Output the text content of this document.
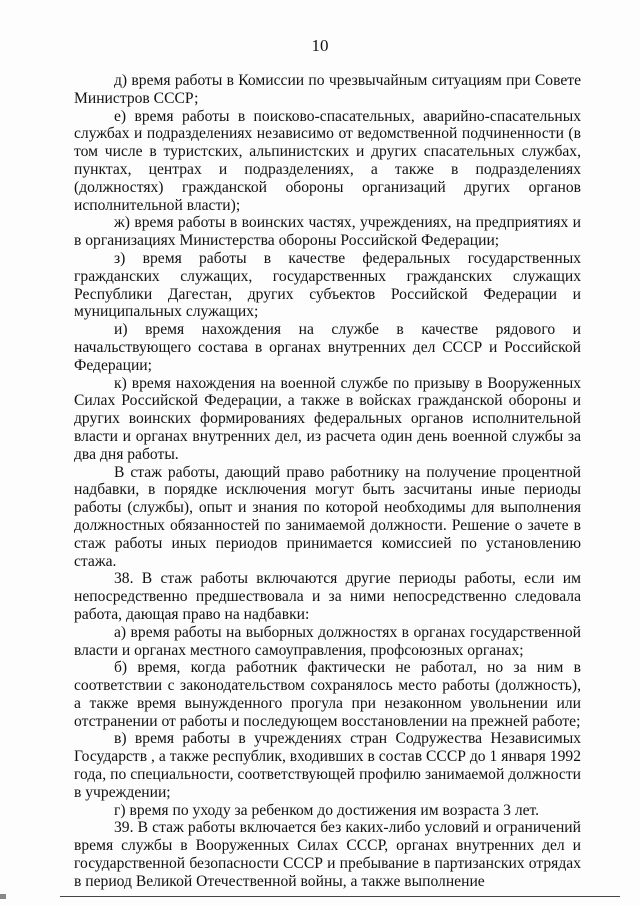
10

д) время работы в Комиссии по чрезвычайным ситуациям при Совете Министров СССР;

е) время работы в поисково-спасательных, аварийно-спасательных службах и подразделениях независимо от ведомственной подчиненности (в том числе в туристских, альпинистских и других спасательных службах, пунктах, центрах и подразделениях, а также в подразделениях (должностях) гражданской обороны организаций других органов исполнительной власти);

ж) время работы в воинских частях, учреждениях, на предприятиях и в организациях Министерства обороны Российской Федерации;

з) время работы в качестве федеральных государственных гражданских служащих, государственных гражданских служащих Республики Дагестан, других субъектов Российской Федерации и муниципальных служащих;

и) время нахождения на службе в качестве рядового и начальствующего состава в органах внутренних дел СССР и Российской Федерации;

к) время нахождения на военной службе по призыву в Вооруженных Силах Российской Федерации, а также в войсках гражданской обороны и других воинских формированиях федеральных органов исполнительной власти и органах внутренних дел, из расчета один день военной службы за два дня работы.

В стаж работы, дающий право работнику на получение процентной надбавки, в порядке исключения могут быть засчитаны иные периоды работы (службы), опыт и знания по которой необходимы для выполнения должностных обязанностей по занимаемой должности. Решение о зачете в стаж работы иных периодов принимается комиссией по установлению стажа.

38. В стаж работы включаются другие периоды работы, если им непосредственно предшествовала и за ними непосредственно следовала работа, дающая право на надбавки:

а) время работы на выборных должностях в органах государственной власти и органах местного самоуправления, профсоюзных органах;

б) время, когда работник фактически не работал, но за ним в соответствии с законодательством сохранялось место работы (должность), а также время вынужденного прогула при незаконном увольнении или отстранении от работы и последующем восстановлении на прежней работе;

в) время работы в учреждениях стран Содружества Независимых Государств , а также республик, входивших в состав СССР до 1 января 1992 года, по специальности, соответствующей профилю занимаемой должности в учреждении;

г) время по уходу за ребенком до достижения им возраста 3 лет.

39. В стаж работы включается без каких-либо условий и ограничений время службы в Вооруженных Силах СССР, органах внутренних дел и государственной безопасности СССР и пребывание в партизанских отрядах в период Великой Отечественной войны, а также выполнение
